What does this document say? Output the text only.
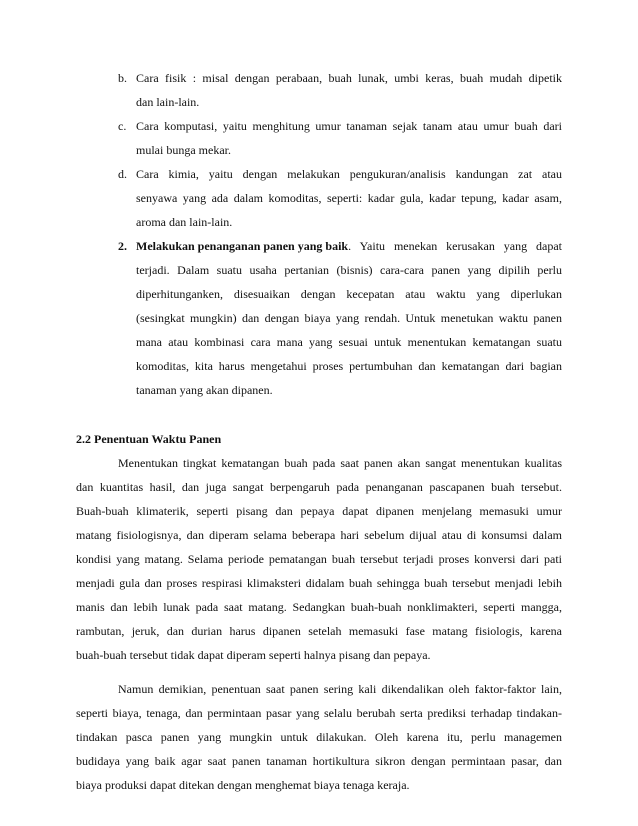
b. Cara fisik : misal dengan perabaan, buah lunak, umbi keras, buah mudah dipetik
dan lain-lain.
c. Cara komputasi, yaitu menghitung umur tanaman sejak tanam atau umur buah dari
mulai bunga mekar.
d. Cara kimia, yaitu dengan melakukan pengukuran/analisis kandungan zat atau
senyawa yang ada dalam komoditas, seperti: kadar gula, kadar tepung, kadar asam,
aroma dan lain-lain.
2. Melakukan penanganan panen yang baik . Yaitu menekan kerusakan yang dapat
terjadi. Dalam suatu usaha pertanian (bisnis) cara-cara panen yang dipilih perlu
diperhitunganken, disesuaikan dengan kecepatan atau waktu yang diperlukan
(sesingkat mungkin) dan dengan biaya yang rendah. Untuk menetukan waktu panen
mana atau kombinasi cara mana yang sesuai untuk menentukan kematangan suatu
komoditas, kita harus mengetahui proses pertumbuhan dan kematangan dari bagian
tanaman yang akan dipanen.
2.2 Penentuan Waktu Panen
Menentukan tingkat kematangan buah pada saat panen akan sangat menentukan kualitas
dan kuantitas hasil, dan juga sangat berpengaruh pada penanganan pascapanen buah tersebut.
Buah-buah klimaterik, seperti pisang dan pepaya dapat dipanen menjelang memasuki umur
matang fisiologisnya, dan diperam selama beberapa hari sebelum dijual atau di konsumsi dalam
kondisi yang matang. Selama periode pematangan buah tersebut terjadi proses konversi dari pati
menjadi gula dan proses respirasi klimaksteri didalam buah sehingga buah tersebut menjadi lebih
manis dan lebih lunak pada saat matang. Sedangkan buah-buah nonklimakteri, seperti mangga,
rambutan, jeruk, dan durian harus dipanen setelah memasuki fase matang fisiologis, karena
buah-buah tersebut tidak dapat diperam seperti halnya pisang dan pepaya.
Namun demikian, penentuan saat panen sering kali dikendalikan oleh faktor-faktor lain,
seperti biaya, tenaga, dan permintaan pasar yang selalu berubah serta prediksi terhadap tindakan-
tindakan pasca panen yang mungkin untuk dilakukan. Oleh karena itu, perlu managemen
budidaya yang baik agar saat panen tanaman hortikultura sikron dengan permintaan pasar, dan
biaya produksi dapat ditekan dengan menghemat biaya tenaga keraja.
